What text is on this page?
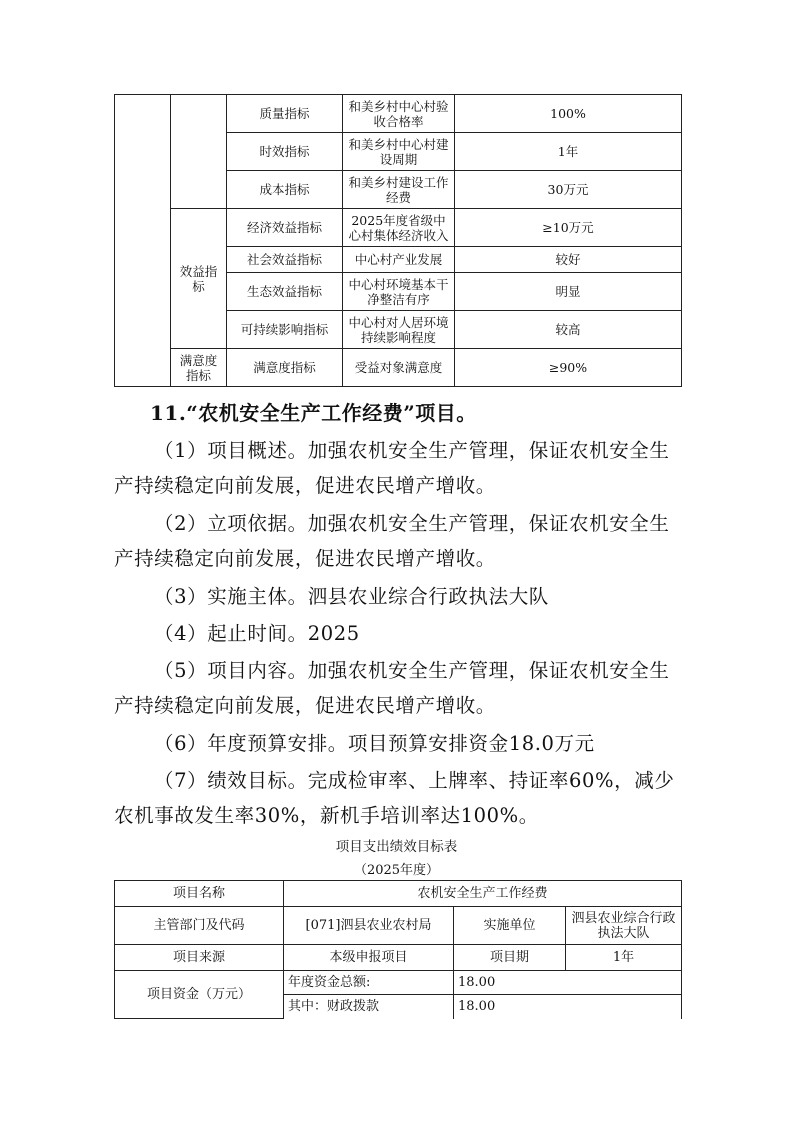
		质量指标	和美乡村中心村验收合格率	100%
		时效指标	和美乡村中心村建设周期	1年
		成本指标	和美乡村建设工作经费	30万元
	效益指标	经济效益指标	2025年度省级中心村集体经济收入	≥10万元
		社会效益指标	中心村产业发展	较好
		生态效益指标	中心村环境基本干净整洁有序	明显
		可持续影响指标	中心村对人居环境持续影响程度	较高
	满意度指标	满意度指标	受益对象满意度	≥90%
11.“农机安全生产工作经费”项目。
（1）项目概述。加强农机安全生产管理，保证农机安全生产持续稳定向前发展，促进农民增产增收。
（2）立项依据。加强农机安全生产管理，保证农机安全生产持续稳定向前发展，促进农民增产增收。
（3）实施主体。泗县农业综合行政执法大队
（4）起止时间。2025
（5）项目内容。加强农机安全生产管理，保证农机安全生产持续稳定向前发展，促进农民增产增收。
（6）年度预算安排。项目预算安排资金18.0万元
（7）绩效目标。完成检审率、上牌率、持证率60%，减少农机事故发生率30%，新机手培训率达100%。
项目支出绩效目标表
（2025年度）
项目名称	农机安全生产工作经费		
主管部门及代码	[071]泗县农业农村局	实施单位	泗县农业综合行政执法大队
项目来源	本级申报项目	项目期	1年
项目资金（万元）	年度资金总额:	18.00	
	其中：财政拨款	18.00	
